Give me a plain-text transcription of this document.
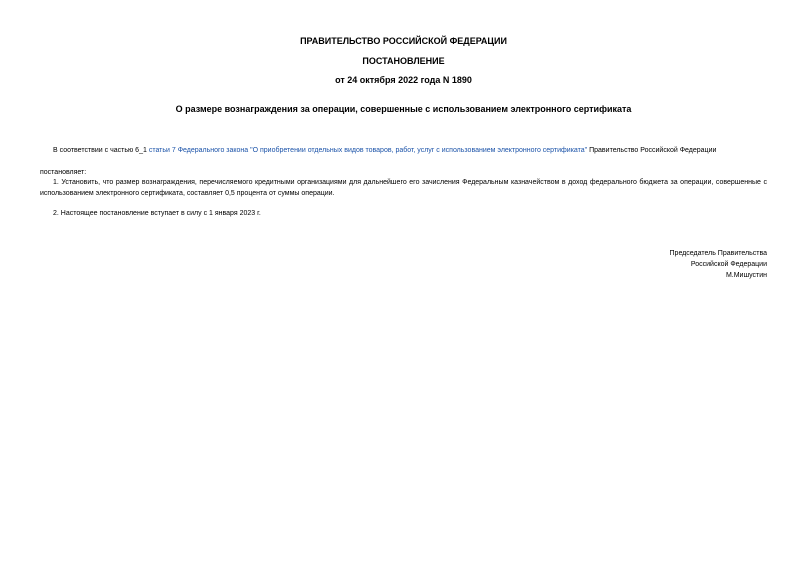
ПРАВИТЕЛЬСТВО РОССИЙСКОЙ ФЕДЕРАЦИИ
ПОСТАНОВЛЕНИЕ
от 24 октября 2022 года N 1890
О размере вознаграждения за операции, совершенные с использованием электронного сертификата
В соответствии с частью 6_1 статьи 7 Федерального закона "О приобретении отдельных видов товаров, работ, услуг с использованием электронного сертификата" Правительство Российской Федерации
постановляет:
1. Установить, что размер вознаграждения, перечисляемого кредитными организациями для дальнейшего его зачисления Федеральным казначейством в доход федерального бюджета за операции, совершенные с использованием электронного сертификата, составляет 0,5 процента от суммы операции.
2. Настоящее постановление вступает в силу с 1 января 2023 г.
Председатель Правительства
Российской Федерации
М.Мишустин
